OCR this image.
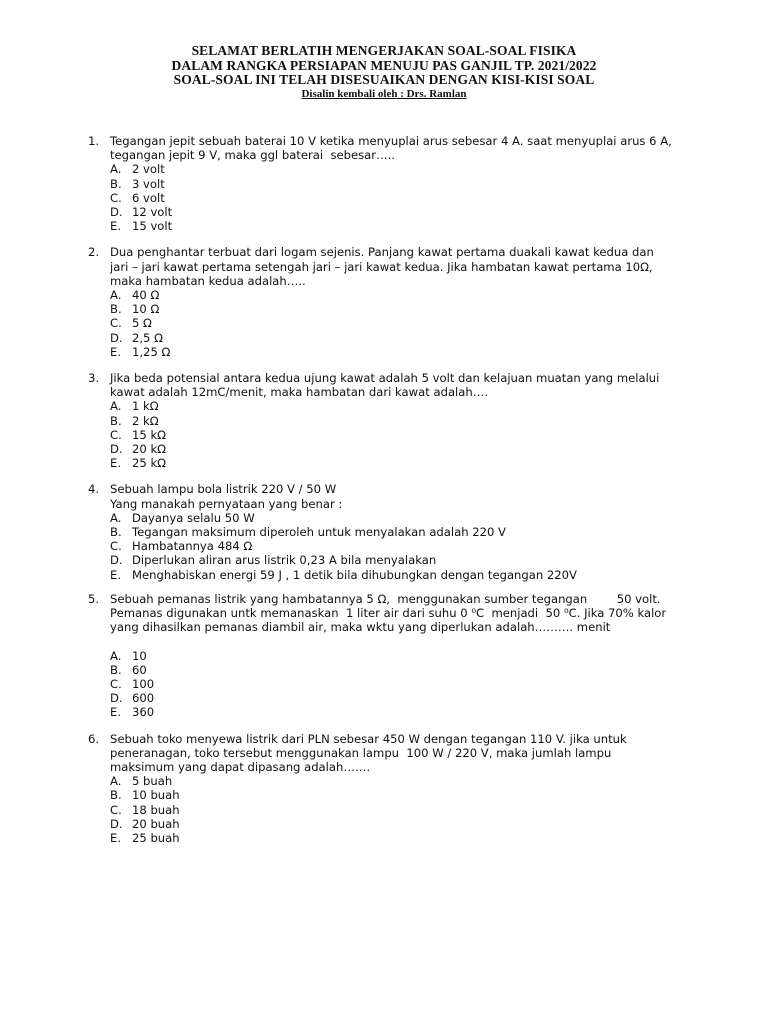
SELAMAT BERLATIH MENGERJAKAN SOAL-SOAL FISIKA
DALAM RANGKA PERSIAPAN MENUJU PAS GANJIL TP. 2021/2022
SOAL-SOAL INI TELAH DISESUAIKAN DENGAN KISI-KISI SOAL
Disalin kembali oleh : Drs. Ramlan
1. Tegangan jepit sebuah baterai 10 V ketika menyuplai arus sebesar 4 A. saat menyuplai arus 6 A,
tegangan jepit 9 V, maka ggl baterai  sebesar…..
A. 2 volt
B. 3 volt
C. 6 volt
D. 12 volt
E. 15 volt
2. Dua penghantar terbuat dari logam sejenis. Panjang kawat pertama duakali kawat kedua dan
jari – jari kawat pertama setengah jari – jari kawat kedua. Jika hambatan kawat pertama 10Ω,
maka hambatan kedua adalah…..
A. 40 Ω
B. 10 Ω
C. 5 Ω
D. 2,5 Ω
E. 1,25 Ω
3. Jika beda potensial antara kedua ujung kawat adalah 5 volt dan kelajuan muatan yang melalui
kawat adalah 12mC/menit, maka hambatan dari kawat adalah….
A. 1 kΩ
B. 2 kΩ
C. 15 kΩ
D. 20 kΩ
E. 25 kΩ
4. Sebuah lampu bola listrik 220 V / 50 W
Yang manakah pernyataan yang benar :
A. Dayanya selalu 50 W
B. Tegangan maksimum diperoleh untuk menyalakan adalah 220 V
C. Hambatannya 484 Ω
D. Diperlukan aliran arus listrik 0,23 A bila menyalakan
E. Menghabiskan energi 59 J , 1 detik bila dihubungkan dengan tegangan 220V
5. Sebuah pemanas listrik yang hambatannya 5 Ω,  menggunakan sumber tegangan        50 volt.
Pemanas digunakan untk memanaskan  1 liter air dari suhu 0 ⁰C  menjadi  50 ⁰C. Jika 70% kalor
yang dihasilkan pemanas diambil air, maka wktu yang diperlukan adalah………. menit
A. 10
B. 60
C. 100
D. 600
E. 360
6. Sebuah toko menyewa listrik dari PLN sebesar 450 W dengan tegangan 110 V. jika untuk
peneranagan, toko tersebut menggunakan lampu  100 W / 220 V, maka jumlah lampu
maksimum yang dapat dipasang adalah…….
A. 5 buah
B. 10 buah
C. 18 buah
D. 20 buah
E. 25 buah
